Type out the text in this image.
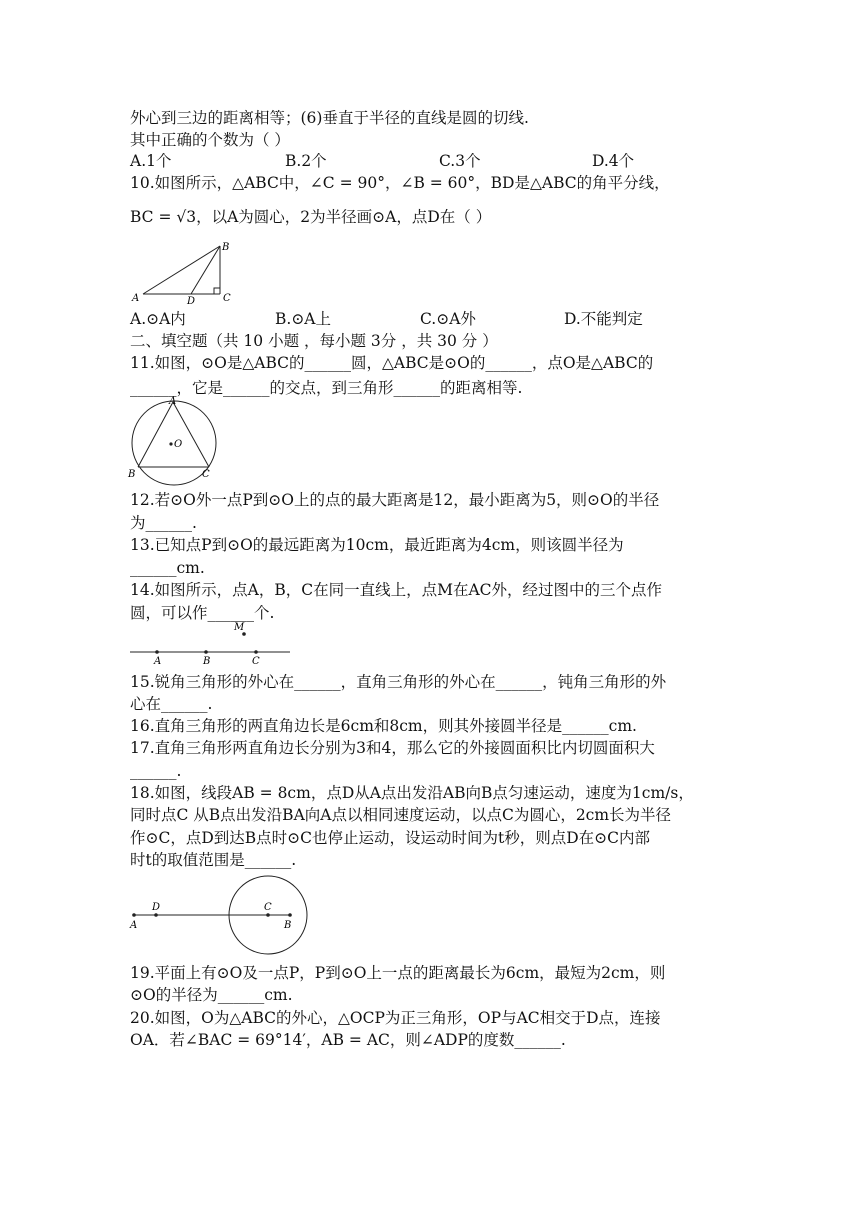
外心到三边的距离相等；(6)垂直于半径的直线是圆的切线.
其中正确的个数为（ ）
A.1个	B.2个	C.3个	D.4个
10.如图所示，△ABC中，∠C = 90°，∠B = 60°，BD是△ABC的角平分线，
BC = √3，以A为圆心，2为半径画⊙A，点D在（ ）
A
B
C
D
A.⊙A内	B.⊙A上	C.⊙A外	D.不能判定
二、填空题（共 10 小题 ，每小题 3分 ，共 30 分 ）
11.如图，⊙O是△ABC的______圆，△ABC是⊙O的______，点O是△ABC的
______，它是______的交点，到三角形______的距离相等.
A
B	C
O
12.若⊙O外一点P到⊙O上的点的最大距离是12，最小距离为5，则⊙O的半径
为______.
13.已知点P到⊙O的最远距离为10cm，最近距离为4cm，则该圆半径为
______cm.
14.如图所示，点A，B，C在同一直线上，点M在AC外，经过图中的三个点作
圆，可以作______个.
A	B	C
M
15.锐角三角形的外心在______，直角三角形的外心在______，钝角三角形的外
心在______.
16.直角三角形的两直角边长是6cm和8cm，则其外接圆半径是______cm.
17.直角三角形两直角边长分别为3和4，那么它的外接圆面积比内切圆面积大
______.
18.如图，线段AB = 8cm，点D从A点出发沿AB向B点匀速运动，速度为1cm/s，
同时点C 从B点出发沿BA向A点以相同速度运动，以点C为圆心，2cm长为半径
作⊙C，点D到达B点时⊙C也停止运动，设运动时间为t秒，则点D在⊙C内部
时t的取值范围是______.
A
D	C
B
19.平面上有⊙O及一点P，P到⊙O上一点的距离最长为6cm，最短为2cm，则
⊙O的半径为______cm.
20.如图，O为△ABC的外心，△OCP为正三角形，OP与AC相交于D点，连接
OA．若∠BAC = 69°14′，AB = AC，则∠ADP的度数______.
